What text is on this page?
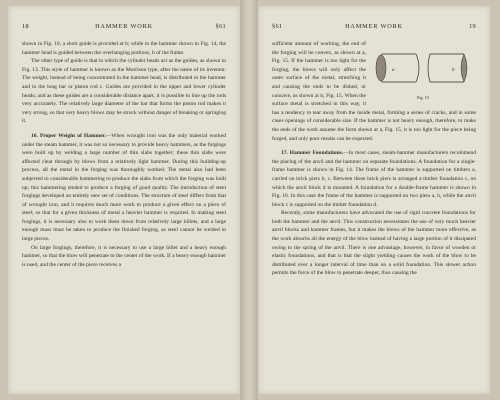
18	HAMMER WORK	§61

shown in Fig. 10, a short guide is provided at b; while in the hammer shown in Fig. 14, the hammer head is guided between the overhanging portions, b of the frame.

The other type of guide is that in which the cylinder heads act as the guides, as shown in Fig. 13. This style of hammer is known as the Morrison type, after the name of its inventor. The weight, instead of being concentrated in the hammer head, is distributed in the hammer and in the long bar or piston rod c. Guides are provided in the upper and lower cylinder heads; and as these guides are a considerable distance apart, it is possible to line up the rods very accurately. The relatively large diameter of the bar that forms the piston rod makes it very strong, so that very heavy blows may be struck without danger of breaking or springing it.

16. Proper Weight of Hammer.—When wrought iron was the only material worked under the steam hammer, it was not so necessary to provide heavy hammers, as the forgings were built up by welding a large number of thin slabs together; these thin slabs were affected clear through by blows from a relatively light hammer. During this building-up process, all the metal in the forging was thoroughly worked. The metal also had been subjected to considerable hammering to produce the slabs from which the forging was built up; this hammering tended to produce a forging of good quality. The introduction of steel forgings developed an entirely new set of conditions. The structure of steel differs from that of wrought iron, and it requires much more work to produce a given effect on a piece of steel; so that for a given thickness of metal a heavier hammer is required. In making steel forgings, it is necessary also to work them down from relatively large billets, and a large enough mass must be taken to produce the finished forging, as steel cannot be welded in large pieces.

On large forgings, therefore, it is necessary to use a large billet and a heavy enough hammer, so that the blow will penetrate to the center of the work. If a heavy enough hammer is used, and the center of the piece receives a

§61	HAMMER WORK	19
a	b
Fig. 15

sufficient amount of working, the end of the forging will be convex, as shown at a, Fig. 15. If the hammer is too light for the forging, the blows will only affect the outer surface of the metal, stretching it and causing the ends to be dished, or concave, as shown at b, Fig. 15. When the surface metal is stretched in this way, it has a tendency to tear away from the inside metal, forming a series of cracks, and in some cases openings of considerable size. If the hammer is not heavy enough, therefore, to make the ends of the work assume the form shown at a, Fig. 15, it is too light for the piece being forged, and only poor results can be expected.

17. Hammer Foundations.—In most cases, steam-hammer manufacturers recommend the placing of the anvil and the hammer on separate foundations. A foundation for a single-frame hammer is shown in Fig. 14. The frame of the hammer is supported on timbers a, carried on brick piers b, c. Between these brick piers is arranged a timber foundation c, on which the anvil block d is mounted. A foundation for a double-frame hammer is shown in Fig. 16. In this case the frame of the hammer is supported on two piers a, b, while the anvil block c is supported on the timber foundation d.

Recently, some manufacturers have advocated the use of rigid concrete foundations for both the hammer and the anvil. This construction necessitates the use of very much heavier anvil blocks and hammer frames, but it makes the blows of the hammer more effective, as the work absorbs all the energy of the blow instead of having a large portion of it dissipated owing to the spring of the anvil. There is one advantage, however, in favor of wooden or elastic foundations, and that is that the slight yielding causes the work of the blow to be distributed over a longer interval of time than on a solid foundation. This slower action permits the force of the blow to penetrate deeper, thus causing the
